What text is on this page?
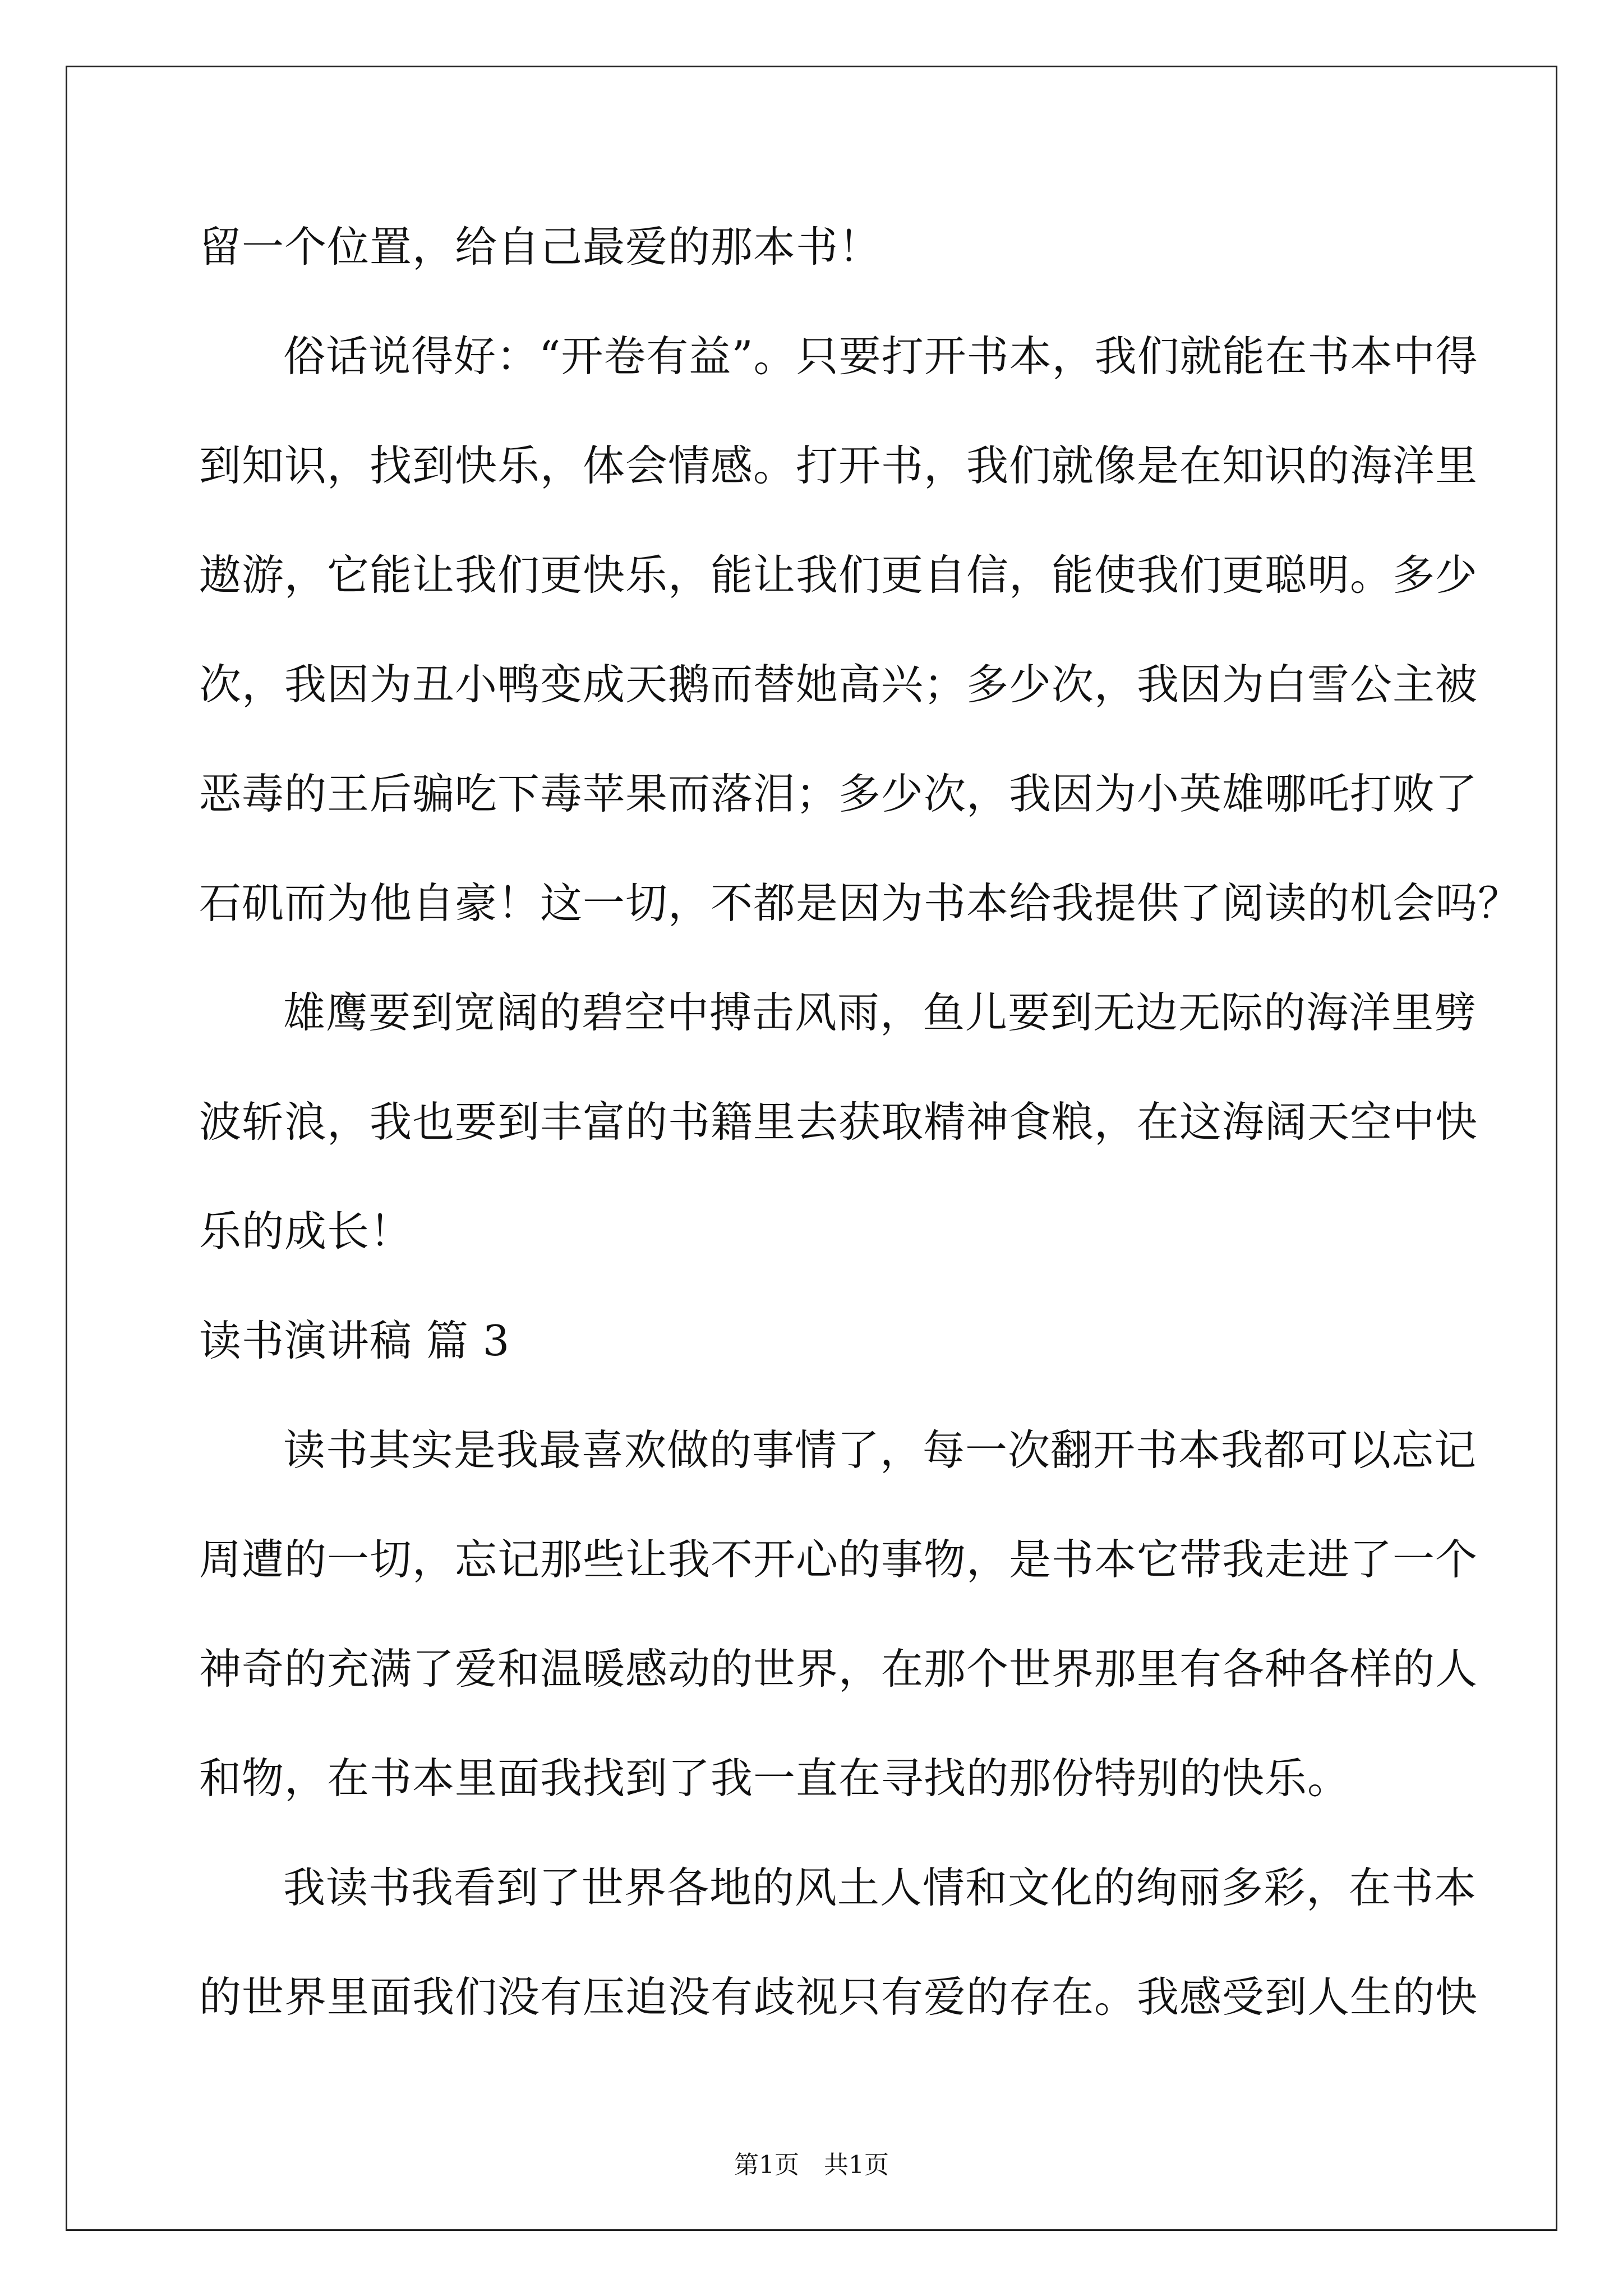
留一个位置，给自己最爱的那本书！
俗话说得好：“开卷有益”。只要打开书本，我们就能在书本中得
到知识，找到快乐，体会情感。打开书，我们就像是在知识的海洋里
遨游，它能让我们更快乐，能让我们更自信，能使我们更聪明。多少
次，我因为丑小鸭变成天鹅而替她高兴；多少次，我因为白雪公主被
恶毒的王后骗吃下毒苹果而落泪；多少次，我因为小英雄哪吒打败了
石矶而为他自豪！这一切，不都是因为书本给我提供了阅读的机会吗？
雄鹰要到宽阔的碧空中搏击风雨，鱼儿要到无边无际的海洋里劈
波斩浪，我也要到丰富的书籍里去获取精神食粮，在这海阔天空中快
乐的成长！
读书演讲稿 篇 3
读书其实是我最喜欢做的事情了，每一次翻开书本我都可以忘记
周遭的一切，忘记那些让我不开心的事物，是书本它带我走进了一个
神奇的充满了爱和温暖感动的世界，在那个世界那里有各种各样的人
和物，在书本里面我找到了我一直在寻找的那份特别的快乐。
我读书我看到了世界各地的风土人情和文化的绚丽多彩，在书本
的世界里面我们没有压迫没有歧视只有爱的存在。我感受到人生的快
第1页　共1页
